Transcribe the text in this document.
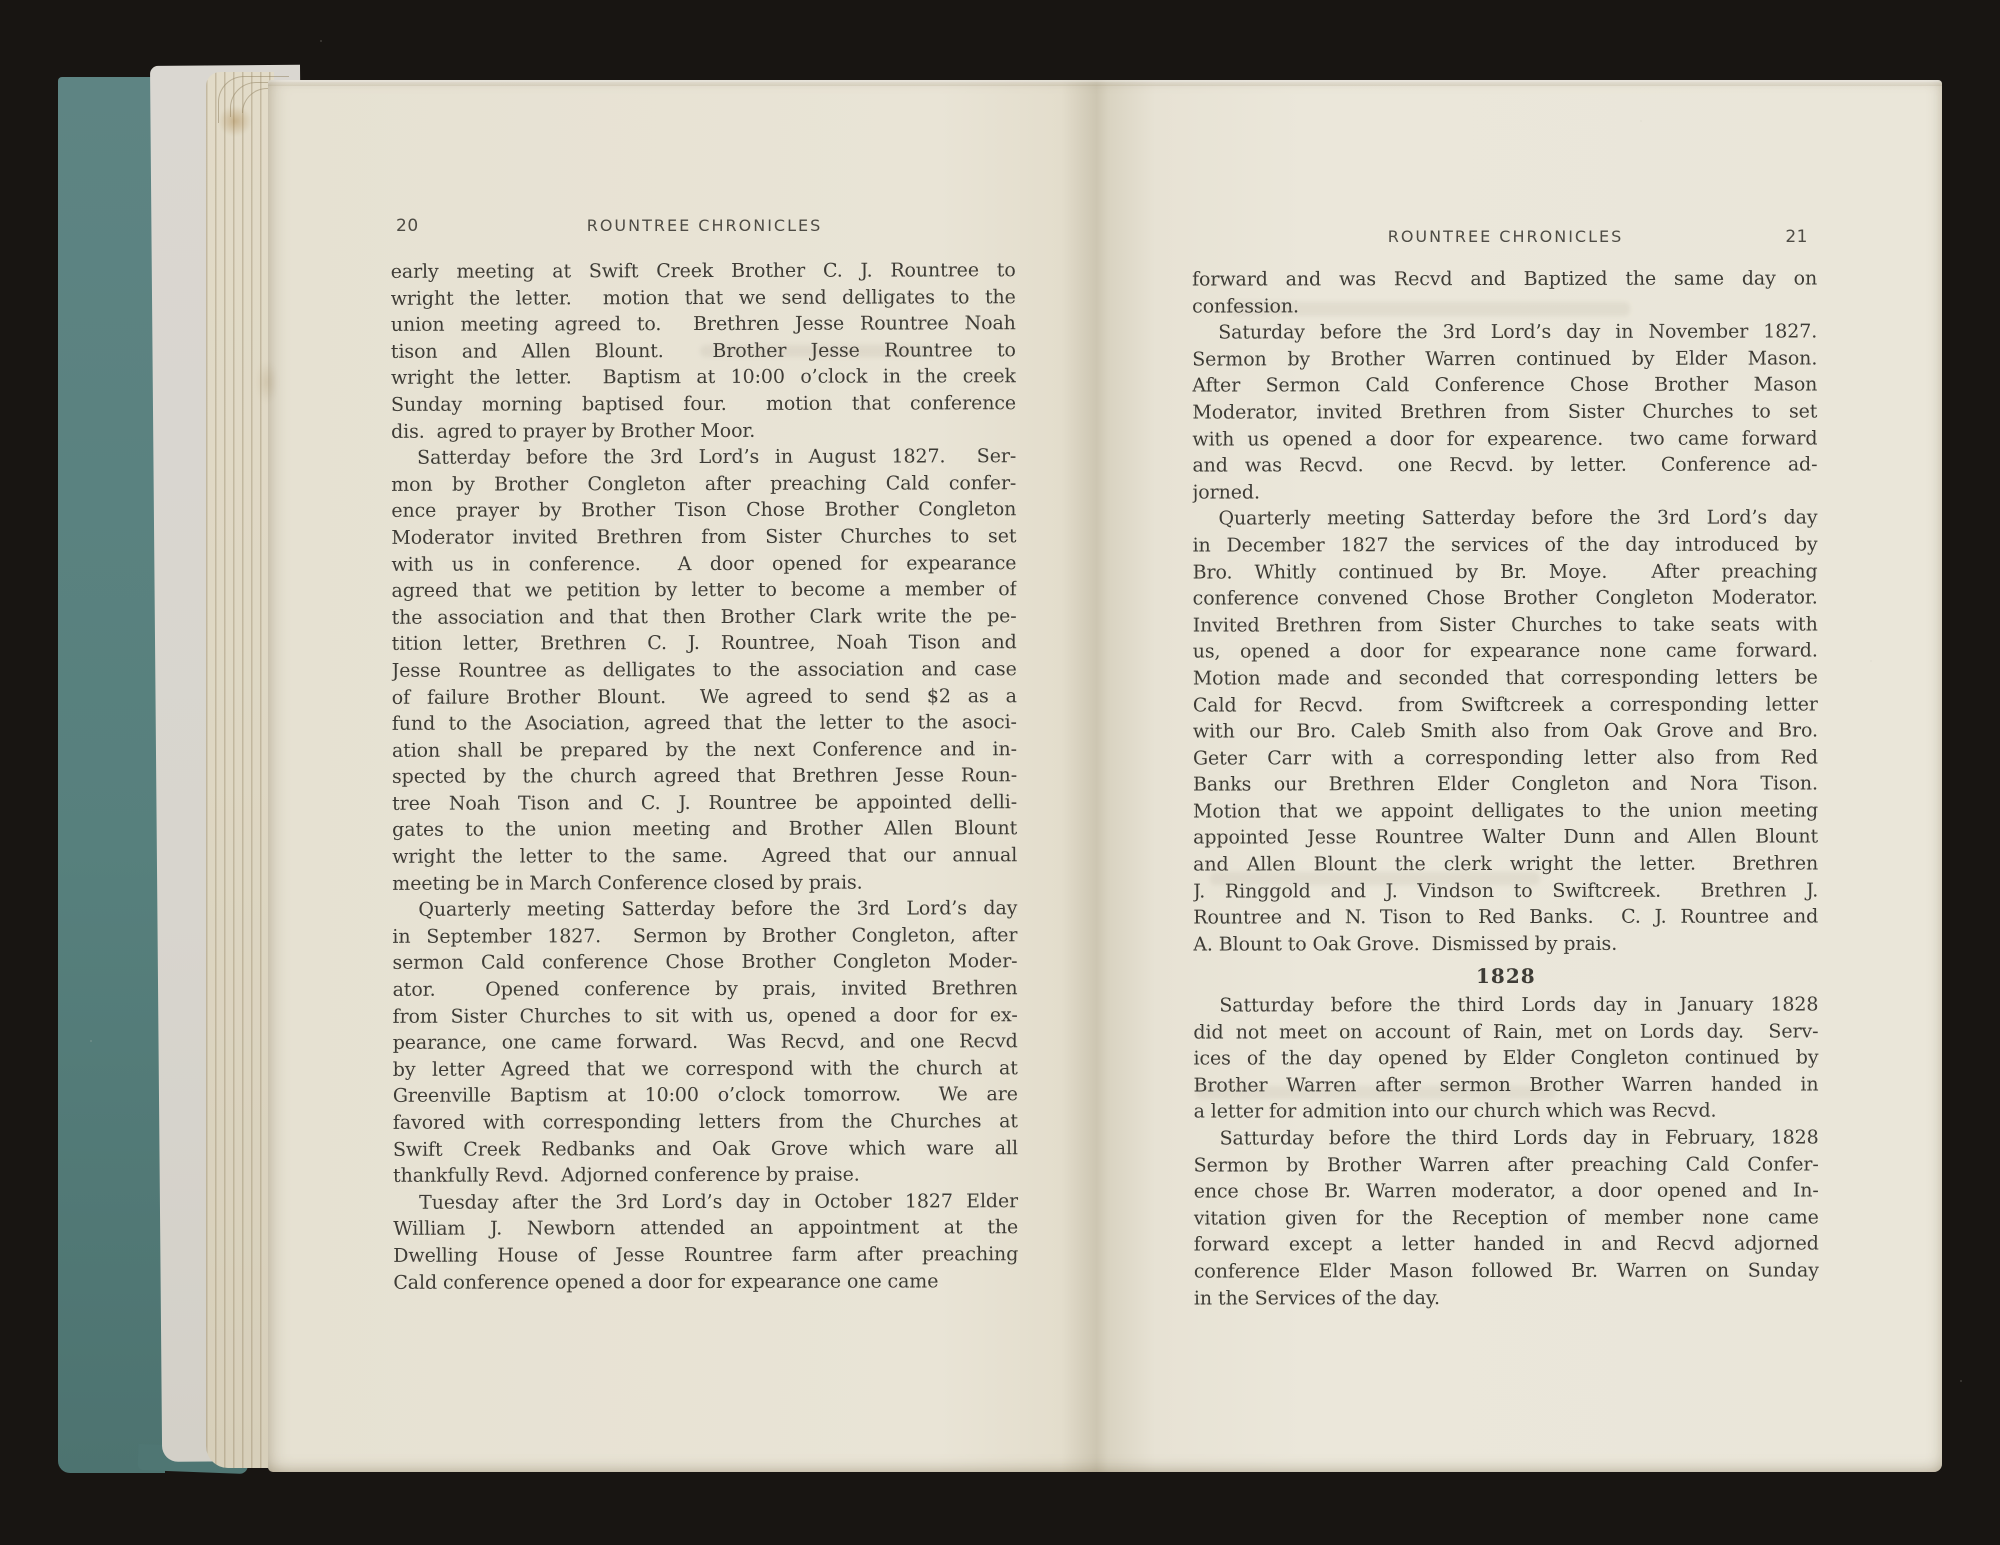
20	ROUNTREE CHRONICLES
ROUNTREE CHRONICLES	21
early meeting at Swift Creek Brother C. J. Rountree to
wright the letter.  motion that we send delligates to the
union meeting agreed to.  Brethren Jesse Rountree Noah
tison and Allen Blount.  Brother Jesse Rountree to
wright the letter.  Baptism at 10:00 o’clock in the creek
Sunday morning baptised four.  motion that conference
dis.  agred to prayer by Brother Moor.
Satterday before the 3rd Lord’s in August 1827.  Ser-
mon by Brother Congleton after preaching Cald confer-
ence prayer by Brother Tison Chose Brother Congleton
Moderator invited Brethren from Sister Churches to set
with us in conference.  A door opened for expearance
agreed that we petition by letter to become a member of
the association and that then Brother Clark write the pe-
tition letter, Brethren C. J. Rountree, Noah Tison and
Jesse Rountree as delligates to the association and case
of failure Brother Blount.  We agreed to send $2 as a
fund to the Asociation, agreed that the letter to the asoci-
ation shall be prepared by the next Conference and in-
spected by the church agreed that Brethren Jesse Roun-
tree Noah Tison and C. J. Rountree be appointed delli-
gates to the union meeting and Brother Allen Blount
wright the letter to the same.  Agreed that our annual
meeting be in March Conference closed by prais.
Quarterly meeting Satterday before the 3rd Lord’s day
in September 1827.  Sermon by Brother Congleton, after
sermon Cald conference Chose Brother Congleton Moder-
ator.  Opened conference by prais, invited Brethren
from Sister Churches to sit with us, opened a door for ex-
pearance, one came forward.  Was Recvd, and one Recvd
by letter Agreed that we correspond with the church at
Greenville Baptism at 10:00 o’clock tomorrow.  We are
favored with corresponding letters from the Churches at
Swift Creek Redbanks and Oak Grove which ware all
thankfully Revd.  Adjorned conference by praise.
Tuesday after the 3rd Lord’s day in October 1827 Elder
William J. Newborn attended an appointment at the
Dwelling House of Jesse Rountree farm after preaching
Cald conference opened a door for expearance one came
forward and was Recvd and Baptized the same day on
confession.
Saturday before the 3rd Lord’s day in November 1827.
Sermon by Brother Warren continued by Elder Mason.
After Sermon Cald Conference Chose Brother Mason
Moderator, invited Brethren from Sister Churches to set
with us opened a door for expearence.  two came forward
and was Recvd.  one Recvd. by letter.  Conference ad-
jorned.
Quarterly meeting Satterday before the 3rd Lord’s day
in December 1827 the services of the day introduced by
Bro. Whitly continued by Br. Moye.  After preaching
conference convened Chose Brother Congleton Moderator.
Invited Brethren from Sister Churches to take seats with
us, opened a door for expearance none came forward.
Motion made and seconded that corresponding letters be
Cald for Recvd.  from Swiftcreek a corresponding letter
with our Bro. Caleb Smith also from Oak Grove and Bro.
Geter Carr with a corresponding letter also from Red
Banks our Brethren Elder Congleton and Nora Tison.
Motion that we appoint delligates to the union meeting
appointed Jesse Rountree Walter Dunn and Allen Blount
and Allen Blount the clerk wright the letter.  Brethren
J. Ringgold and J. Vindson to Swiftcreek.  Brethren J.
Rountree and N. Tison to Red Banks.  C. J. Rountree and
A. Blount to Oak Grove.  Dismissed by prais.
1828
Satturday before the third Lords day in January 1828
did not meet on account of Rain, met on Lords day.  Serv-
ices of the day opened by Elder Congleton continued by
Brother Warren after sermon Brother Warren handed in
a letter for admition into our church which was Recvd.
Satturday before the third Lords day in February, 1828
Sermon by Brother Warren after preaching Cald Confer-
ence chose Br. Warren moderator, a door opened and In-
vitation given for the Reception of member none came
forward except a letter handed in and Recvd adjorned
conference Elder Mason followed Br. Warren on Sunday
in the Services of the day.
